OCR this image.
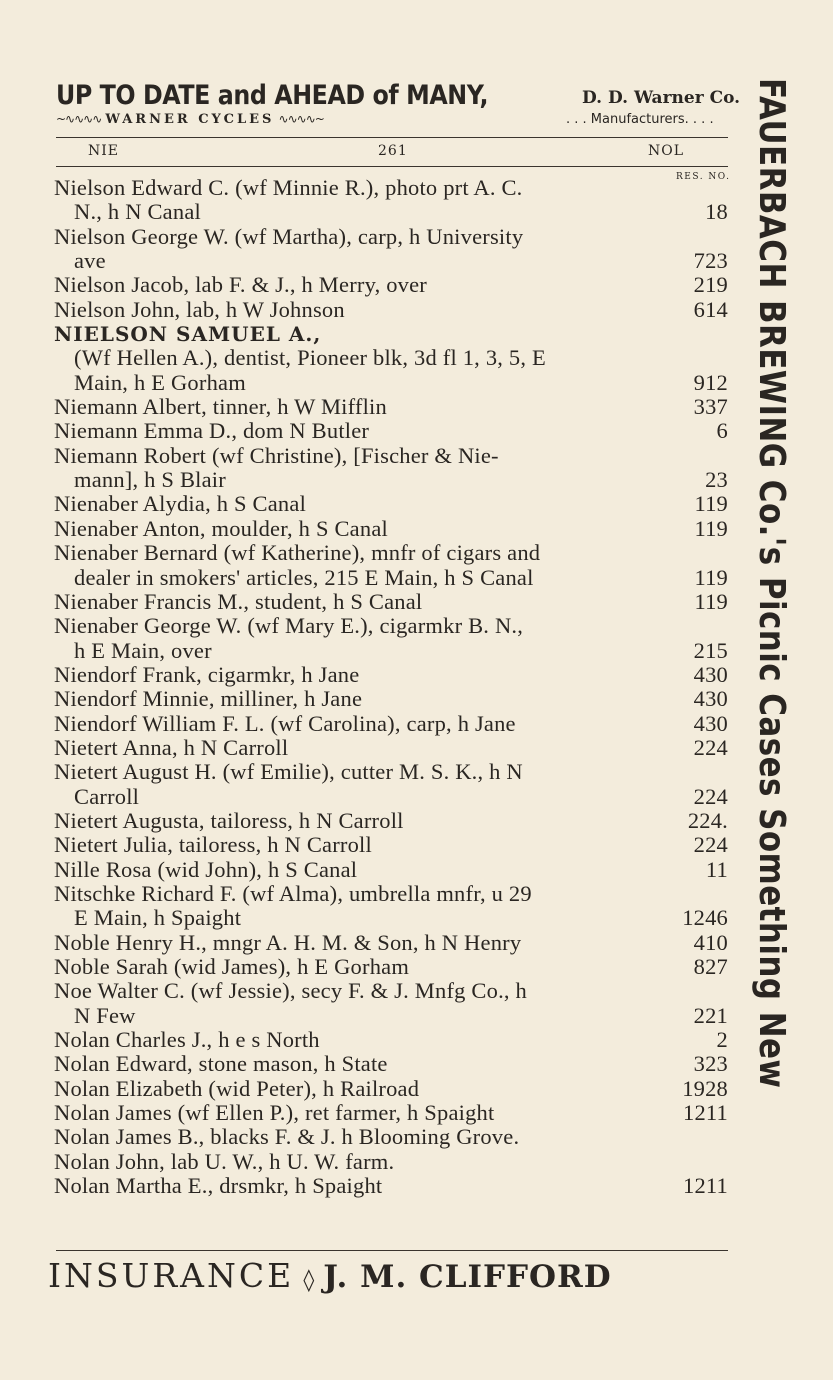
UP TO DATE and AHEAD of MANY,	D. D. Warner Co.
~∿∿∿∿ WARNER CYCLES ∿∿∿∿~	. . . Manufacturers. . . .
NIE	261	NOL
RES. NO.
Nielson Edward C. (wf Minnie R.), photo prt A. C.
N., h N Canal	18
Nielson George W. (wf Martha), carp, h University
ave	723
Nielson Jacob, lab F. & J., h Merry, over	219
Nielson John, lab, h W Johnson	614
NIELSON SAMUEL A.,
(Wf Hellen A.), dentist, Pioneer blk, 3d fl 1, 3, 5, E
Main, h E Gorham	912
Niemann Albert, tinner, h W Mifflin	337
Niemann Emma D., dom N Butler	6
Niemann Robert (wf Christine), [Fischer & Nie-
mann], h S Blair	23
Nienaber Alydia, h S Canal	119
Nienaber Anton, moulder, h S Canal	119
Nienaber Bernard (wf Katherine), mnfr of cigars and
dealer in smokers' articles, 215 E Main, h S Canal	119
Nienaber Francis M., student, h S Canal	119
Nienaber George W. (wf Mary E.), cigarmkr B. N.,
h E Main, over	215
Niendorf Frank, cigarmkr, h Jane	430
Niendorf Minnie, milliner, h Jane	430
Niendorf William F. L. (wf Carolina), carp, h Jane	430
Nietert Anna, h N Carroll	224
Nietert August H. (wf Emilie), cutter M. S. K., h N
Carroll	224
Nietert Augusta, tailoress, h N Carroll	224.
Nietert Julia, tailoress, h N Carroll	224
Nille Rosa (wid John), h S Canal	11
Nitschke Richard F. (wf Alma), umbrella mnfr, u 29
E Main, h Spaight	1246
Noble Henry H., mngr A. H. M. & Son, h N Henry	410
Noble Sarah (wid James), h E Gorham	827
Noe Walter C. (wf Jessie), secy F. & J. Mnfg Co., h
N Few	221
Nolan Charles J., h e s North	2
Nolan Edward, stone mason, h State	323
Nolan Elizabeth (wid Peter), h Railroad	1928
Nolan James (wf Ellen P.), ret farmer, h Spaight	1211
Nolan James B., blacks F. & J. h Blooming Grove.
Nolan John, lab U. W., h U. W. farm.
Nolan Martha E., drsmkr, h Spaight	1211
INSURANCE ◊ J. M. CLIFFORD
FAUERBACH BREWING Co.'s Picnic Cases Something New
